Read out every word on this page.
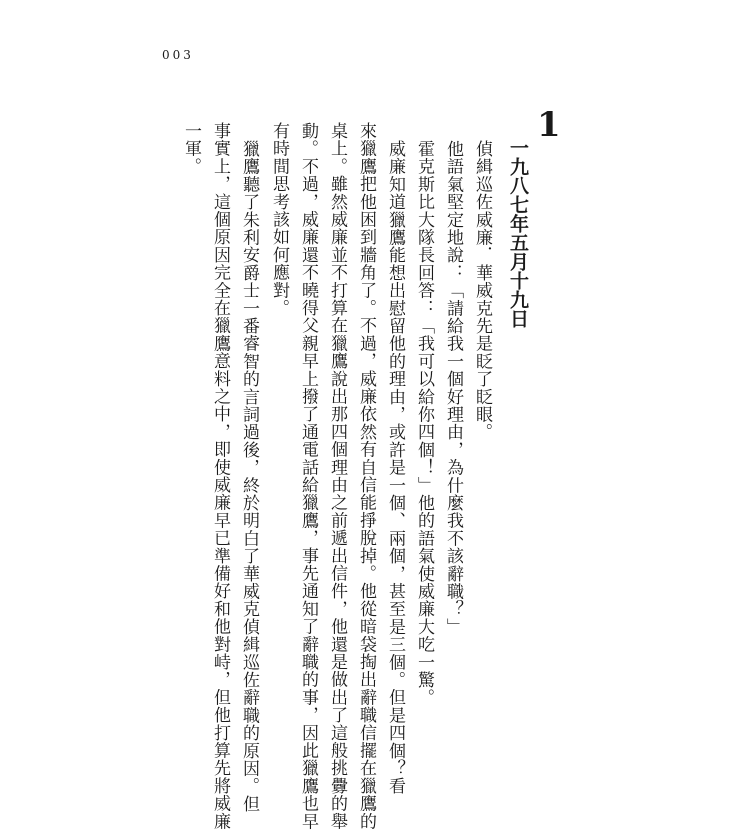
003
1
一九八七年五月十九日
偵緝巡佐威廉．華威克先是眨了眨眼。
他語氣堅定地說：「請給我一個好理由，為什麼我不該辭職？」
霍克斯比大隊長回答：「我可以給你四個！」他的語氣使威廉大吃一驚。
威廉知道獵鷹能想出慰留他的理由，或許是一個、兩個，甚至是三個。但是四個？看
來獵鷹把他困到牆角了。不過，威廉依然有自信能掙脫掉。他從暗袋掏出辭職信擺在獵鷹的
桌上。雖然威廉並不打算在獵鷹說出那四個理由之前遞出信件，他還是做出了這般挑釁的舉
動。不過，威廉還不曉得父親早上撥了通電話給獵鷹，事先通知了辭職的事，因此獵鷹也早
有時間思考該如何應對。
獵鷹聽了朱利安爵士一番睿智的言詞過後，終於明白了華威克偵緝巡佐辭職的原因。但
事實上，這個原因完全在獵鷹意料之中，即使威廉早已準備好和他對峙，但他打算先將威廉
一軍。
